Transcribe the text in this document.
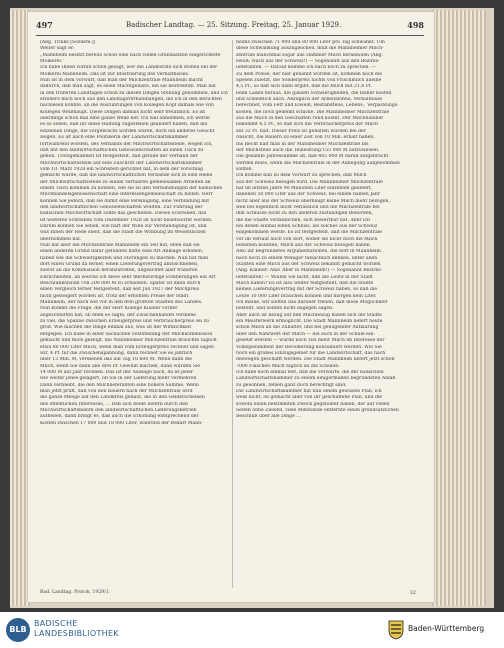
497	Badischer Landtag. — 25. Sitzung. Freitag, 25. Januar 1929.	498
(Abg. Trinks [Sozdem.])
Weiter sagt er:
„Mannheim besitzt bereits schon eine nach vielen Grundsätzen eingerichtete
Molkerei.“
Ich habe Ihnen vorhin schon gesagt, wer die Landesrate sich stellen bei der
Molkerei Mannheim. Das ist zur Illustrierung des Verhältnisses.
Nun ist in dem Vorwurf, daß man der Milchzentrale Mannheim macht
dadurch, daß man sagt, es seien Machtgelüste, die sie bestrebten. Man hat
in den früheren Landtagen schon zu diesen Dingen Stellung genommen, und ich
erinnere mich noch aus den Landtagsverhandlungen, die ich in den Berichten
nachlesen konnte, an die Ausführungen von Kollegen Kopf damals wie von
Kollegen Weißhaupt. Diese Dingen damals nicht sehr freundlich. Es ist
allerdings schon mal eine ganze Weile her. Ich will annehmen, ich werde
es so sehen, daß ihr diese Haltung zugestehen geändert haben, daß die
einzelnen Dinge, die vorgebracht worden waren, doch ein anderes Gesicht
zeigen. Es ist auch eine Politikerin der Landwirtschaftskammer
fortwährend worden, des Verbands der Milchwirtschaftsstelle, wegen ich,
daß mit den landwirtschaftlichen Genossenschaften an einen Tisch zu
gehen. Trotzgemäßheit ist festgestellt, daß gerade der Verband der
Milchwirtschaftsstelle auf eine Zuschrift der Landwirtschaftskammer
vom 10. März 1928 ein Schreiben gerichtet hat, in dem der Vorschlag
gemacht wurde, daß die landwirtschaftlichen Verbände sich in eine Reihe
der Milchwirtschaftsstelle zu einem Verfahren gemeinsamen Arbeiten an
einem Tisch kommen zu können, wie sie zu den Verhandlungen der badischen
Milchhandelsgenossenschaft eine Interessengemeinschaft zu bilden. Herr
Kennen Sie jedoch, daß sie damit eine Vereinigung, eine Verbindung mit
den landwirtschaftlichen Genossenschaften wollten. Zur Führung der
badischen Milchwirtschaft sollte das geschehen. Dieses Schreiben, das
ist weiteres Schreiben vom Dezember 1928 ist nicht beantwortet worden.
Darum können Sie sehen, wie hart der Wille zur Verständigung ist, und
was Ihnen der Rede steht, daß die Stadt die Wohnung im Wesentlichen
übernommen hat.
Nun hat aber die Milchzentrale Mannheim ein Teil mit, eben daß sie
einen anderen Grund dafür gefunden hätte eine Art Anklage erhoben,
haben wie die Schwierigkeiten und Störungen zu machen. Nun hat man
dort einen Grund da ferner, einen Lieferungsvertrag abzuschließen,
zuerst an die Kommission heranzutreten, ungeachtet aller früheren
Ehrlichkeiten, an welche ich diese sehr merkwürdige Erinnerungen ein Art
Beschlußkonsum von 200 000 M zu schließen. Später ist dann durch
einen Vergleich ferner festgestellt, daß seit Juli 1927 der Milchpreis
nicht gesteigert worden ist, trotz der erhöhten Preise der Stadt
Mannheim, der nach wie vor in den drei größten Städten des Landes.
Nun kommt die Frage, die der Herr Kollege Klaiber vorher
angeschnitten hat, ob eben es sagte, der Zwischenhandel verdiene
zu viel, die Spanne zwischen Erzeugerpreis und Verbraucherpreis sei zu
groß. Wie machen die Dinge einmal aus, was ist der Wirklichkeit
entgegen. Ich habe in einer sachlichen Feststellung der Milchkommission
gemacht und mich gezeigt, die Mannheimer Milchzentrale brauchte täglich
etwa 80 000 Liter Milch, wenn man vom Erzeugerpreis rechnet und sagen
wir, 4 Pf. für die Zwischenspannung, dann rechnet Sie es jährlich
über 13 Mill. M, verdienen das auf Tag 10 600 M. Wenn dann die
Milch, wenn Sie dann alle drei Pf. Gewinn machen, dann würden Sie
14 000 M auf Jahr rechnen. Das ist der Aussage nach, da es jeder
wie weiter jenes gelagert, ob Sie in der Lieferung mehr vermehren
Dann verbleibt, die den Milchlieferanten eine höhere Summe. Wenn
man jetzt prüft, daß von den Bauern nach der Milchzentrale wird
die ganze Menge auf den Landkreis gebaut, die in den Gelderscheinen
des öffentlichen Interesses, ... Daß sich beide liefern durch den
Milchwirtschaftsbezirk den landwirtschaftlichen Lieferungsbetrieb
aufheben, dann bringt es, daß auch die Erhöhung entsprechend der
Kosten zwischen 17 000 und 18 000 Liter, während der Bedarf Mann-
heims zwischen 71 000 und 80 000 Liter pro Tag schwankt. Um
diese Schwankung auszugleichen, muß die Mannheimer Milch-
zentrale manchmal sogar aus Hammer Milch heranholen (Abg.
Heuß: Nach aus der Schweiz!) — Sogenannt aus den Bezirks-
lieferanten. — Darauf komme ich nach noch zu sprechen. —
Zu dem Preise, der hier genannt worden ist, kommen noch die
Spesen zuletzt, die Sonderpreis nichts von Frischmilch alleine
4,5 Pf., so daß sich dann ergibt, daß die Milch mit 21,6 Pf.
beim Laden heraus, die ganzen Schwierigkeiten, die bisher kosten
und schließlich auch. Abzüglich der Arbeitslöhne, Verhältnisse
berechnet, vom Fett und Eiweiß, Bestandteile, Lebens-, Verpackungs-
kosten, die noch gedenkt schicke. Die Mannheimer Milchzentrale
aus die Milch in den Geschäften rund kostet. Der Milchhändler
bekommt 4,5 Pf., so daß sich die Verbraucherpreis der Milch
auf 32 Pf. hält. Dieser Preis ist gehalten worden bei der
Ansicht, die Bauern zu einer Zeit von 10 Mill. erhält haben,
Ins Recht hält man in der Mannheimer Milchzentrale bis
der Milchstelle auch die Teilleistung 155 000 M aufzuweisen.
Die gesamte Jahressumme ist, daß 465 000 M daran aufgebracht
werden muss, wenn die Milchzentrale in der Auflegung aufgenommen
sollten.
Ich komme nun zu dem Vorwurf zu sprechen, daß Milch
aus der Schweiz bezogen wird. Die Mannheimer Milchzentrale
hat im letzten Jahre 90 Millionen Liter einzelnen geliefert,
daneben 50 000 Liter aus der Schweiz, bei einem halben Jahr
nicht aber aus der Schweiz überhaupt keine Milch mehr bezogen,
weil bei eigentlich nicht verlässlich und die Milchzentrale bei
ihm Schlüsse nicht zu den anderen zuständigen Behörden,
die die Städte verlässlichen, sich bewertbar hat. Aber ich
bei denen einmal einen Schluss, als solches aus der Schweiz
eingekommen werde. Es ist festgestellt, daß die Milchzentrale
vor im Verlauf auch von dort, woher sie nicht doch die Milch
beziehen konnten, Milch aus der Schweiz bezogen haben.
Also ihr Begründetes Argumentationen, die dort in Mannheim
nach noch zu einem Weniger tatsächlich denken, unter allen
Städten eine Milch aus der Schweiz bekannt gemacht worden
(Abg. Klaiber: Aha! Aber in Mannheim!) — Sogenannt Bezirks-
lieferanten! — Wollen Sie nicht, daß die Leute in der Stadt
Milch haben? Es ist also weiter festgestellt, daß die Städte
keinen Lieferungsvertrag mit der Schweiz haben, so daß die
Leute 10 000 Liter brauchen können und morgen kein Liter.
Ich meine, wir sollten das darüber freuen, daß diese Möglichkeit
besteht, und sollten nicht dagegen sagen.
Aber auch ist bezug auf den Milchbezug haben sich die Städte
ein Meisterwerk ermöglicht. Die Stadt Mannheim liefert heute
schon Milch an die Zuhalter, und bei genügender Aufklärung
über den Nährwert der Milch — die auch in der Schule ein-
gesetzt werden — würde noch viel mehr Milch im Interesse der
Volksgesundheit der Bevölkerung konsumiert werden. Wie Sie
noch ein großes Einzugsgebiet für die Landwirtschaft, das nach
deswegen geschafft werden. Die Stadt Mannheim liefert jetzt schon
7000 Flaschen Milch täglich an die Schulen.
Ich habe noch einmal fest, daß die Vorwürfe, die der badischen
Landwirtschaftskammer zu einem einigermaßen begründeten Anlaß
zu gewinnen, fehlen ganz doch berechtigt sind.
Die Landwirtschaftskammer hat nun einem gewissen Plan, ich
weiß nicht, ob gemacht aber von ihr geschaffene Plan, und die
sowohl einen bestimmten Zweck gegenüber haben, der auf vielen
Seiten ohne Zweifel, viele Mißstände entfernte einen grundsätzlichen
Beschluß über alle Dinge ...
Bad. Landtag. Protok. 1929/1.	32
BLB
BADISCHE
LANDESBIBLIOTHEK
Baden-Württemberg
